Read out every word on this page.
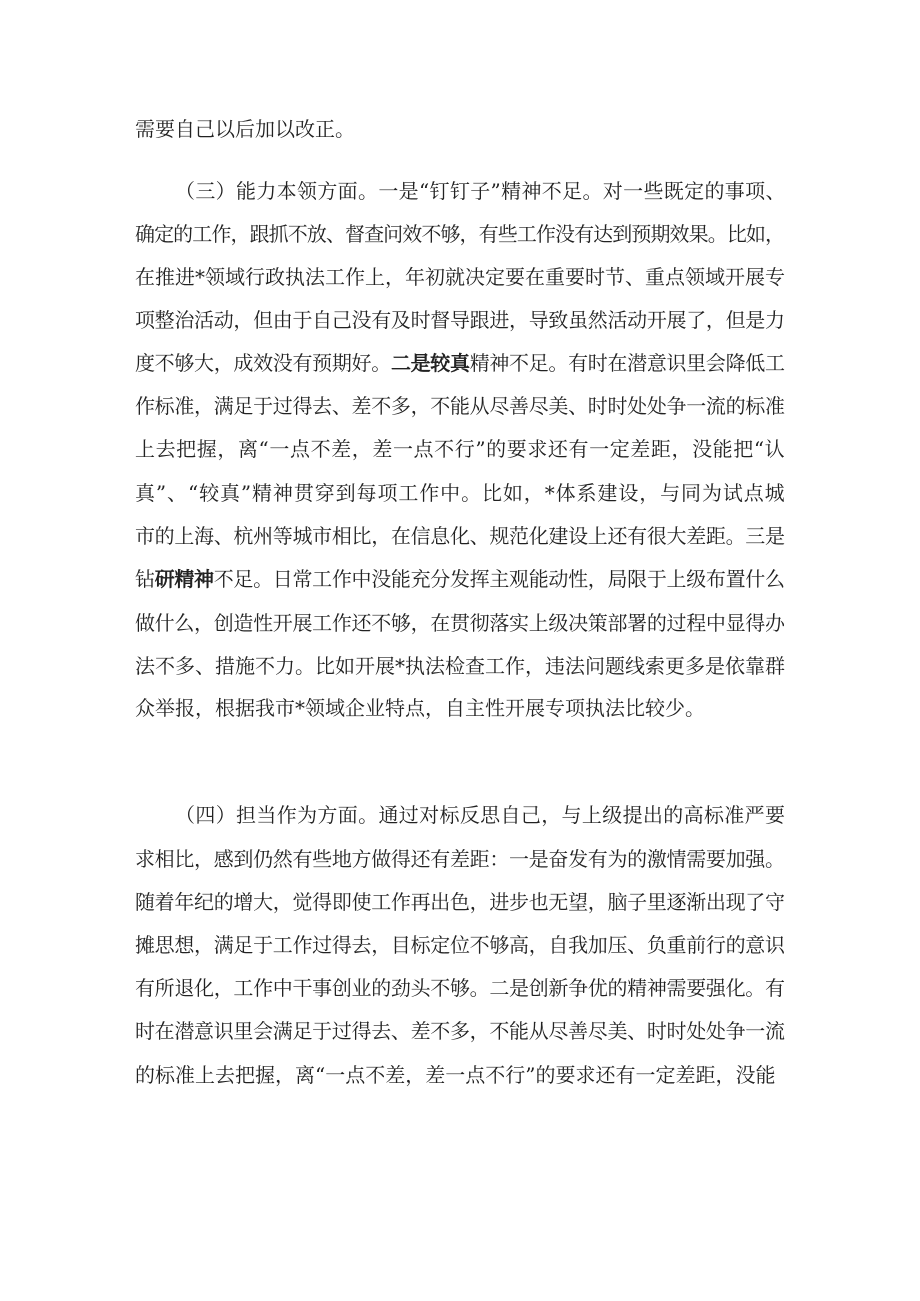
需要自己以后加以改正。
（三）能力本领方面。一是“钉钉子”精神不足。对一些既定的事项、
确定的工作，跟抓不放、督查问效不够，有些工作没有达到预期效果。比如，
在推进*领域行政执法工作上，年初就决定要在重要时节、重点领域开展专
项整治活动，但由于自己没有及时督导跟进，导致虽然活动开展了，但是力
度不够大，成效没有预期好。二是较真精神不足。有时在潜意识里会降低工
作标准，满足于过得去、差不多，不能从尽善尽美、时时处处争一流的标准
上去把握，离“一点不差，差一点不行”的要求还有一定差距，没能把“认
真”、“较真”精神贯穿到每项工作中。比如，*体系建设，与同为试点城
市的上海、杭州等城市相比，在信息化、规范化建设上还有很大差距。三是
钻研精神不足。日常工作中没能充分发挥主观能动性，局限于上级布置什么
做什么，创造性开展工作还不够，在贯彻落实上级决策部署的过程中显得办
法不多、措施不力。比如开展*执法检查工作，违法问题线索更多是依靠群
众举报，根据我市*领域企业特点，自主性开展专项执法比较少。
（四）担当作为方面。通过对标反思自己，与上级提出的高标准严要
求相比，感到仍然有些地方做得还有差距：一是奋发有为的激情需要加强。
随着年纪的增大，觉得即使工作再出色，进步也无望，脑子里逐渐出现了守
摊思想，满足于工作过得去，目标定位不够高，自我加压、负重前行的意识
有所退化，工作中干事创业的劲头不够。二是创新争优的精神需要强化。有
时在潜意识里会满足于过得去、差不多，不能从尽善尽美、时时处处争一流
的标准上去把握，离“一点不差，差一点不行”的要求还有一定差距，没能
